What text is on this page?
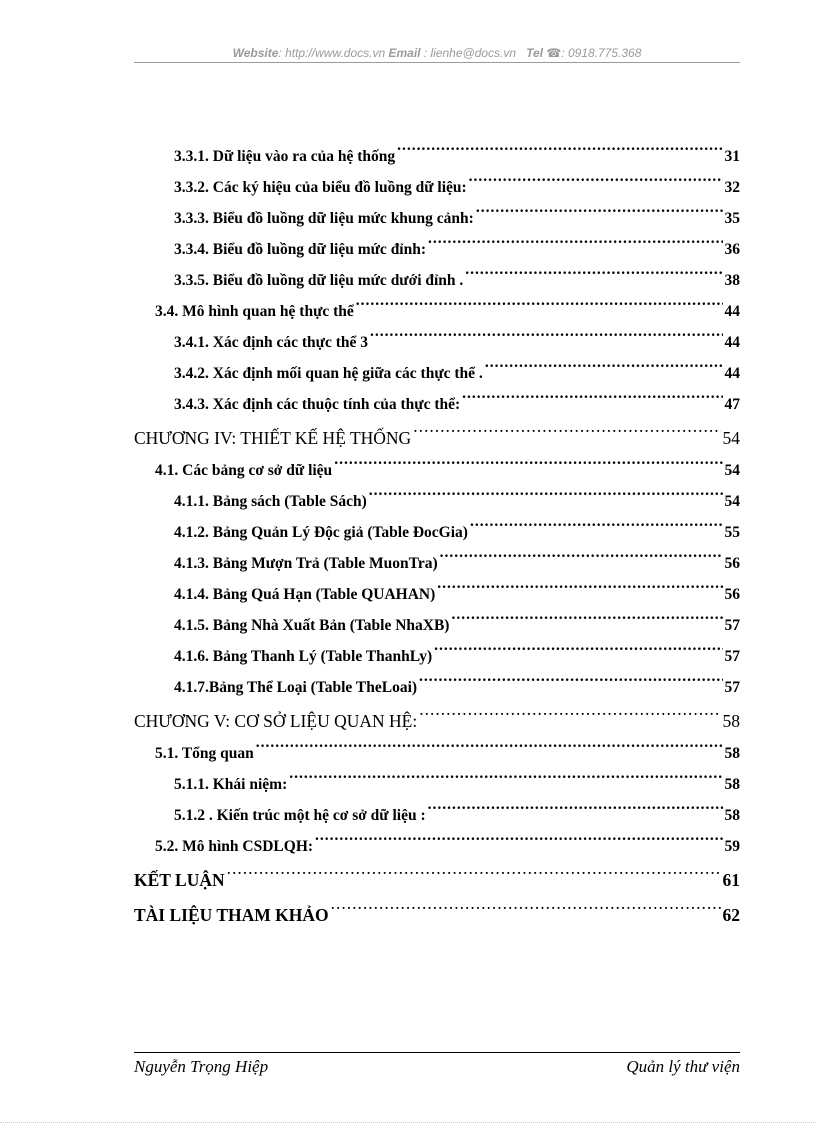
Website: http://www.docs.vn Email : lienhe@docs.vn Tel ☎: 0918.775.368
3.3.1. Dữ liệu vào ra của hệ thống .....	31
3.3.2. Các ký hiệu của biểu đồ luồng dữ liệu: .....	32
3.3.3. Biểu đồ luồng dữ liệu mức khung cảnh: .....	35
3.3.4. Biểu đồ luồng dữ liệu mức đỉnh: .....	36
3.3.5. Biểu đồ luồng dữ liệu mức dưới đỉnh . .....	38
3.4. Mô hình quan hệ thực thể .....	44
3.4.1. Xác định các thực thể 3 .....	44
3.4.2. Xác định mối quan hệ giữa các thực thể . .....	44
3.4.3. Xác định các thuộc tính của thực thể: .....	47
CHƯƠNG IV: THIẾT KẾ HỆ THỐNG .....	54
4.1. Các bảng cơ sở dữ liệu .....	54
4.1.1. Bảng sách (Table Sách) .....	54
4.1.2. Bảng Quản Lý Độc giả (Table ĐocGia) .....	55
4.1.3. Bảng Mượn Trả (Table MuonTra) .....	56
4.1.4. Bảng Quá Hạn (Table QUAHAN) .....	56
4.1.5. Bảng Nhà Xuất Bản (Table NhaXB) .....	57
4.1.6. Bảng Thanh Lý (Table ThanhLy) .....	57
4.1.7.Bảng Thể Loại (Table TheLoai) .....	57
CHƯƠNG V: CƠ SỞ LIỆU QUAN HỆ: .....	58
5.1. Tổng quan .....	58
5.1.1. Khái niệm: .....	58
5.1.2 . Kiến trúc một hệ cơ sở dữ liệu : .....	58
5.2. Mô hình CSDLQH: .....	59
KẾT LUẬN .....	61
TÀI LIỆU THAM KHẢO .....	62
Nguyễn Trọng Hiệp	Quản lý thư viện
